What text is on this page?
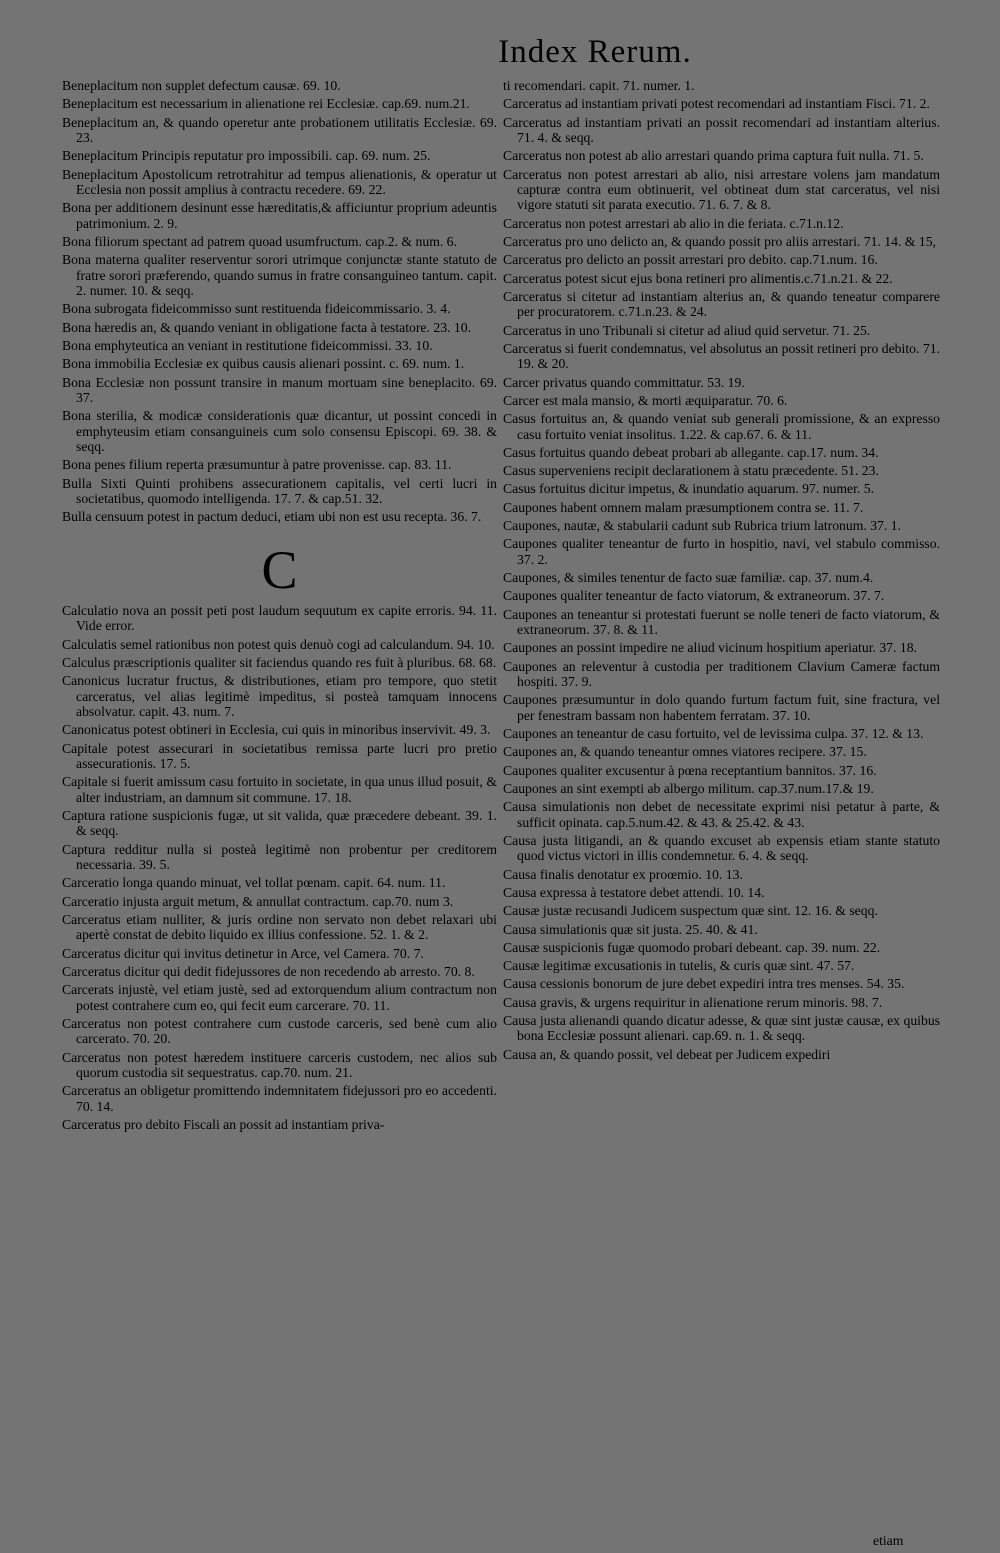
Index Rerum.
Beneplacitum non supplet defectum causæ. 69. 10.
Beneplacitum est necessarium in alienatione rei Ecclesiæ. cap.69. num.21.
Beneplacitum an, & quando operetur ante probationem utilitatis Ecclesiæ. 69. 23.
Beneplacitum Principis reputatur pro impossibili. cap. 69. num. 25.
Beneplacitum Apostolicum retrotrahitur ad tempus alienationis, & operatur ut Ecclesia non possit amplius à contractu recedere. 69. 22.
Bona per additionem desinunt esse hæreditatis,& afficiuntur proprium adeuntis patrimonium. 2. 9.
Bona filiorum spectant ad patrem quoad usumfructum. cap.2. & num. 6.
Bona materna qualiter reserventur sorori utrimque conjunctæ stante statuto de fratre sorori præferendo, quando sumus in fratre consanguineo tantum. capit. 2. numer. 10. & seqq.
Bona subrogata fideicommisso sunt restituenda fideicommissario. 3. 4.
Bona hæredis an, & quando veniant in obligatione facta à testatore. 23. 10.
Bona emphyteutica an veniant in restitutione fideicommissi. 33. 10.
Bona immobilia Ecclesiæ ex quibus causis alienari possint. c. 69. num. 1.
Bona Ecclesiæ non possunt transire in manum mortuam sine beneplacito. 69. 37.
Bona sterilia, & modicæ considerationis quæ dicantur, ut possint concedi in emphyteusim etiam consanguineis cum solo consensu Episcopi. 69. 38. & seqq.
Bona penes filium reperta præsumuntur à patre provenisse. cap. 83. 11.
Bulla Sixti Quinti prohibens assecurationem capitalis, vel certi lucri in societatibus, quomodo intelligenda. 17. 7. & cap.51. 32.
Bulla censuum potest in pactum deduci, etiam ubi non est usu recepta. 36. 7.
C
Calculatio nova an possit peti post laudum sequutum ex capite erroris. 94. 11. Vide error.
Calculatis semel rationibus non potest quis denuò cogi ad calculandum. 94. 10.
Calculus præscriptionis qualiter sit faciendus quando res fuit à pluribus. 68. 68.
Canonicus lucratur fructus, & distributiones, etiam pro tempore, quo stetit carceratus, vel alias legitimè impeditus, si posteà tamquam innocens absolvatur. capit. 43. num. 7.
Canonicatus potest obtineri in Ecclesia, cui quis in minoribus inservivit. 49. 3.
Capitale potest assecurari in societatibus remissa parte lucri pro pretio assecurationis. 17. 5.
Capitale si fuerit amissum casu fortuito in societate, in qua unus illud posuit, & alter industriam, an damnum sit commune. 17. 18.
Captura ratione suspicionis fugæ, ut sit valida, quæ præcedere debeant. 39. 1. & seqq.
Captura redditur nulla si posteà legitimè non probentur per creditorem necessaria. 39. 5.
Carceratio longa quando minuat, vel tollat pœnam. capit. 64. num. 11.
Carceratio injusta arguit metum, & annullat contractum. cap.70. num 3.
Carceratus etiam nulliter, & juris ordine non servato non debet relaxari ubi apertè constat de debito liquido ex illius confessione. 52. 1. & 2.
Carceratus dicitur qui invitus detinetur in Arce, vel Camera. 70. 7.
Carceratus dicitur qui dedit fidejussores de non recedendo ab arresto. 70. 8.
Carcerats injustè, vel etiam justè, sed ad extorquendum alium contractum non potest contrahere cum eo, qui fecit eum carcerare. 70. 11.
Carceratus non potest contrahere cum custode carceris, sed benè cum alio carcerato. 70. 20.
Carceratus non potest hæredem instituere carceris custodem, nec alios sub quorum custodia sit sequestratus. cap.70. num. 21.
Carceratus an obligetur promittendo indemnitatem fidejussori pro eo accedenti. 70. 14.
Carceratus pro debito Fiscali an possit ad instantiam priva-
ti recomendari. capit. 71. numer. 1.
Carceratus ad instantiam privati potest recomendari ad instantiam Fisci. 71. 2.
Carceratus ad instantiam privati an possit recomendari ad instantiam alterius. 71. 4. & seqq.
Carceratus non potest ab alio arrestari quando prima captura fuit nulla. 71. 5.
Carceratus non potest arrestari ab alio, nisi arrestare volens jam mandatum capturæ contra eum obtinuerit, vel obtineat dum stat carceratus, vel nisi vigore statuti sit parata executio. 71. 6. 7. & 8.
Carceratus non potest arrestari ab alio in die feriata. c.71.n.12.
Carceratus pro uno delicto an, & quando possit pro aliis arrestari. 71. 14. & 15,
Carceratus pro delicto an possit arrestari pro debito. cap.71.num. 16.
Carceratus potest sicut ejus bona retineri pro alimentis.c.71.n.21. & 22.
Carceratus si citetur ad instantiam alterius an, & quando teneatur comparere per procuratorem. c.71.n.23. & 24.
Carceratus in uno Tribunali si citetur ad aliud quid servetur. 71. 25.
Carceratus si fuerit condemnatus, vel absolutus an possit retineri pro debito. 71. 19. & 20.
Carcer privatus quando committatur. 53. 19.
Carcer est mala mansio, & morti æquiparatur. 70. 6.
Casus fortuitus an, & quando veniat sub generali promissione, & an expresso casu fortuito veniat insolitus. 1.22. & cap.67. 6. & 11.
Casus fortuitus quando debeat probari ab allegante. cap.17. num. 34.
Casus superveniens recipit declarationem à statu præcedente. 51. 23.
Casus fortuitus dicitur impetus, & inundatio aquarum. 97. numer. 5.
Caupones habent omnem malam præsumptionem contra se. 11. 7.
Caupones, nautæ, & stabularii cadunt sub Rubrica trium latronum. 37. 1.
Caupones qualiter teneantur de furto in hospitio, navi, vel stabulo commisso. 37. 2.
Caupones, & similes tenentur de facto suæ familiæ. cap. 37. num.4.
Caupones qualiter teneantur de facto viatorum, & extraneorum. 37. 7.
Caupones an teneantur si protestati fuerunt se nolle teneri de facto viatorum, & extraneorum. 37. 8. & 11.
Caupones an possint impedire ne aliud vicinum hospitium aperiatur. 37. 18.
Caupones an releventur à custodia per traditionem Clavium Cameræ factum hospiti. 37. 9.
Caupones præsumuntur in dolo quando furtum factum fuit, sine fractura, vel per fenestram bassam non habentem ferratam. 37. 10.
Caupones an teneantur de casu fortuito, vel de levissima culpa. 37. 12. & 13.
Caupones an, & quando teneantur omnes viatores recipere. 37. 15.
Caupones qualiter excusentur à pœna receptantium bannitos. 37. 16.
Caupones an sint exempti ab albergo militum. cap.37.num.17.& 19.
Causa simulationis non debet de necessitate exprimi nisi petatur à parte, & sufficit opinata. cap.5.num.42. & 43. & 25.42. & 43.
Causa justa litigandi, an & quando excuset ab expensis etiam stante statuto quod victus victori in illis condemnetur. 6. 4. & seqq.
Causa finalis denotatur ex proœmio. 10. 13.
Causa expressa à testatore debet attendi. 10. 14.
Causæ justæ recusandi Judicem suspectum quæ sint. 12. 16. & seqq.
Causa simulationis quæ sit justa. 25. 40. & 41.
Causæ suspicionis fugæ quomodo probari debeant. cap. 39. num. 22.
Causæ legitimæ excusationis in tutelis, & curis quæ sint. 47. 57.
Causa cessionis bonorum de jure debet expediri intra tres menses. 54. 35.
Causa gravis, & urgens requiritur in alienatione rerum minoris. 98. 7.
Causa justa alienandi quando dicatur adesse, & quæ sint justæ causæ, ex quibus bona Ecclesiæ possunt alienari. cap.69. n. 1. & seqq.
Causa an, & quando possit, vel debeat per Judicem expediri
etiam
